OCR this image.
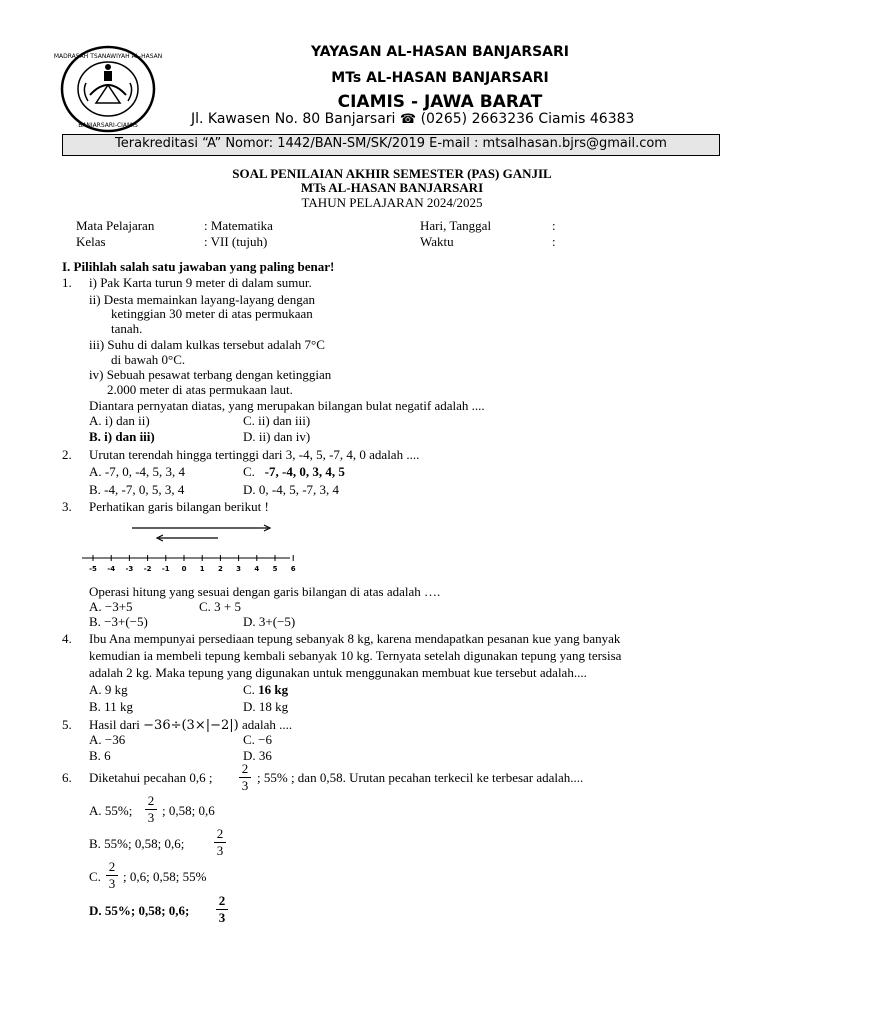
MADRASAH TSANAWIYAH AL-HASAN
BANJARSARI-CIAMIS
YAYASAN AL-HASAN BANJARSARI
MTs AL-HASAN BANJARSARI
CIAMIS - JAWA BARAT
Jl. Kawasen No. 80 Banjarsari ☎ (0265) 2663236 Ciamis 46383
Terakreditasi “A” Nomor: 1442/BAN-SM/SK/2019 E-mail : mtsalhasan.bjrs@gmail.com
SOAL PENILAIAN AKHIR SEMESTER (PAS) GANJIL
MTs AL-HASAN BANJARSARI
TAHUN PELAJARAN 2024/2025
Mata Pelajaran	: Matematika	Hari, Tanggal	:
Kelas	: VII (tujuh)	Waktu	:
I. Pilihlah salah satu jawaban yang paling benar!
1. i) Pak Karta turun 9 meter di dalam sumur.
ii) Desta memainkan layang-layang dengan
ketinggian 30 meter di atas permukaan
tanah.
iii) Suhu di dalam kulkas tersebut adalah 7°C
di bawah 0°C.
iv) Sebuah pesawat terbang dengan ketinggian
2.000 meter di atas permukaan laut.
Diantara pernyatan diatas, yang merupakan bilangan bulat negatif adalah ....
A. i) dan ii)	C. ii) dan iii)
B. i) dan iii)	D. ii) dan iv)
2. Urutan terendah hingga tertinggi dari 3, -4, 5, -7, 4, 0 adalah ....
A. -7, 0, -4, 5, 3, 4	C. -7, -4, 0, 3, 4, 5
B. -4, -7, 0, 5, 3, 4	D. 0, -4, 5, -7, 3, 4
3. Perhatikan garis bilangan berikut !
-5 -4 -3 -2 -1 0 1 2 3 4 5 6
Operasi hitung yang sesuai dengan garis bilangan di atas adalah ….
A. −3+5	C. 3 + 5
B. −3+(−5)	D. 3+(−5)
4. Ibu Ana mempunyai persediaan tepung sebanyak 8 kg, karena mendapatkan pesanan kue yang banyak
kemudian ia membeli tepung kembali sebanyak 10 kg. Ternyata setelah digunakan tepung yang tersisa
adalah 2 kg. Maka tepung yang digunakan untuk menggunakan membuat kue tersebut adalah....
A. 9 kg	C. 16 kg
B. 11 kg	D. 18 kg
5. Hasil dari −36÷(3×|−2|) adalah ....
A. −36	C. −6
B. 6	D. 36
6. Diketahui pecahan 0,6 ;
2
3
; 55% ; dan 0,58. Urutan pecahan terkecil ke terbesar adalah....
A. 55%;
2
3 ; 0,58; 0,6
B. 55%; 0,58; 0,6;
2
3
C.
2
3 ; 0,6; 0,58; 55%
D. 55%; 0,58; 0,6;
2
3
